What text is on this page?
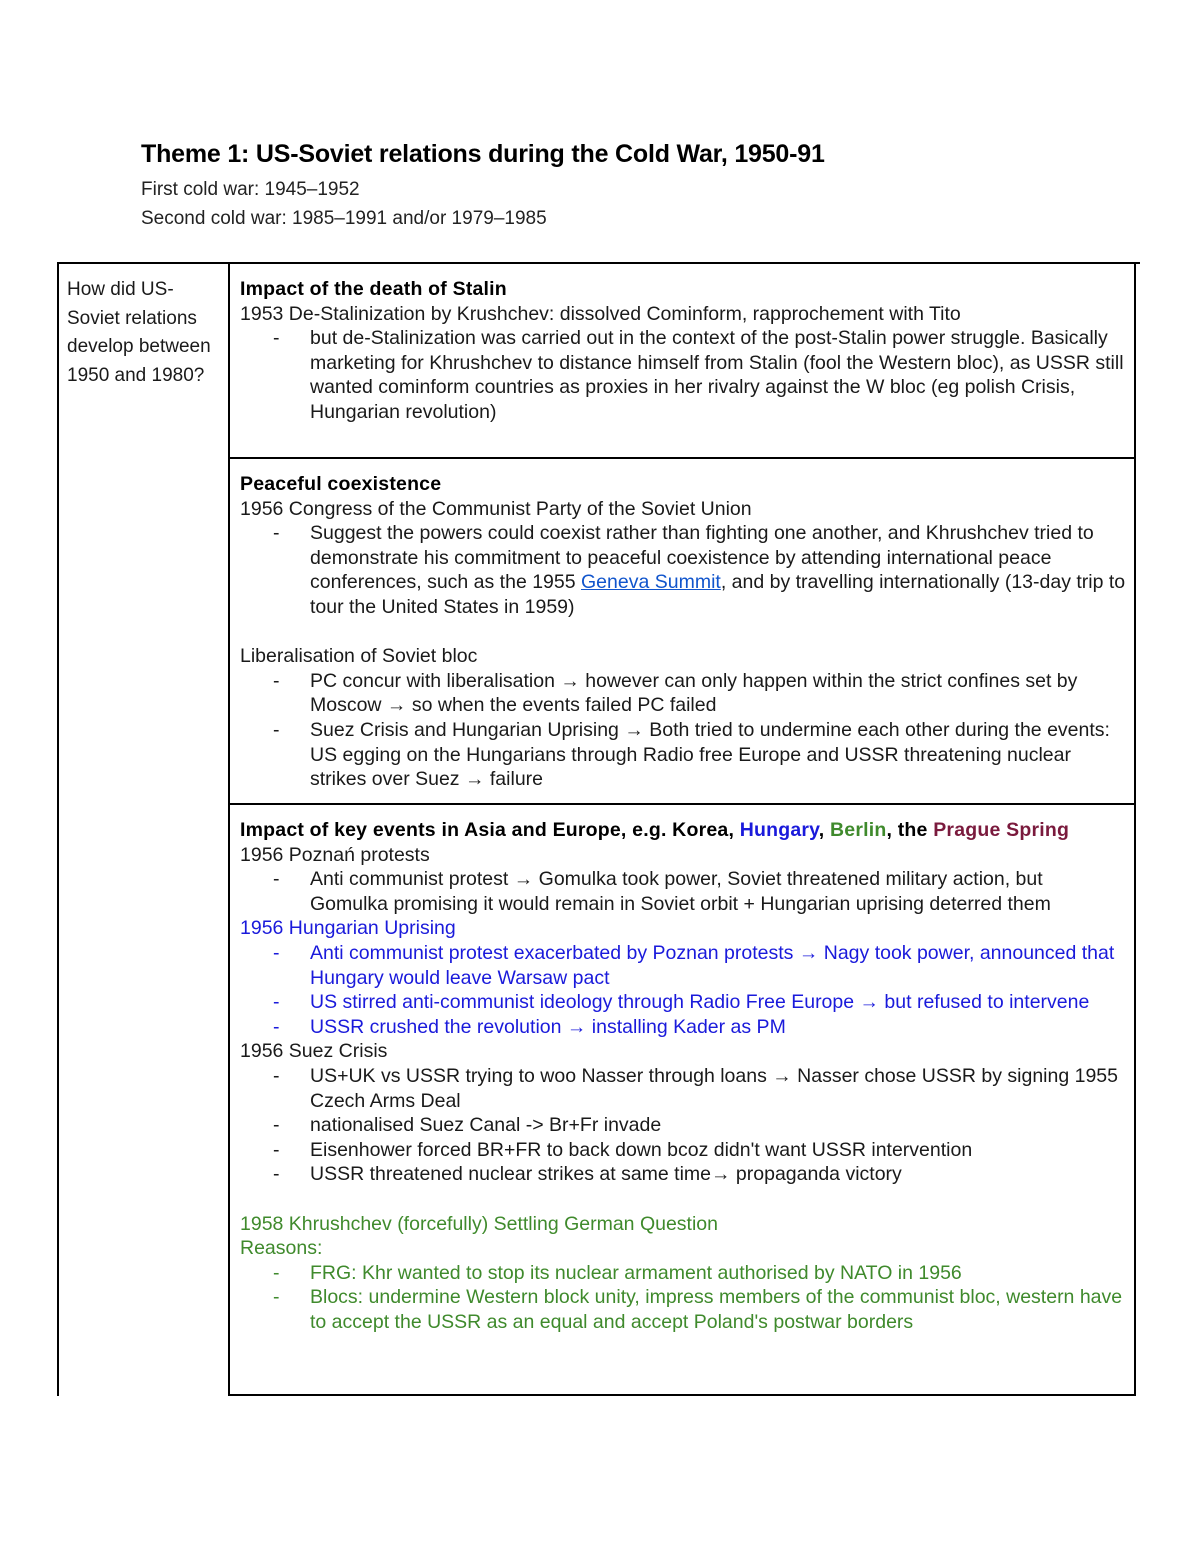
Theme 1: US-Soviet relations during the Cold War, 1950-91

First cold war: 1945–1952

Second cold war: 1985–1991 and/or 1979–1985

How did US-Soviet relations develop between 1950 and 1980?
Impact of the death of Stalin

1953 De-Stalinization by Krushchev: dissolved Cominform, rapprochement with Tito

- but de-Stalinization was carried out in the context of the post-Stalin power struggle. Basically marketing for Khrushchev to distance himself from Stalin (fool the Western bloc), as USSR still wanted cominform countries as proxies in her rivalry against the W bloc (eg polish Crisis, Hungarian revolution)
Peaceful coexistence

1956 Congress of the Communist Party of the Soviet Union

- Suggest the powers could coexist rather than fighting one another, and Khrushchev tried to demonstrate his commitment to peaceful coexistence by attending international peace conferences, such as the 1955 Geneva Summit, and by travelling internationally (13-day trip to tour the United States in 1959)

Liberalisation of Soviet bloc

- PC concur with liberalisation → however can only happen within the strict confines set by Moscow → so when the events failed PC failed
- Suez Crisis and Hungarian Uprising → Both tried to undermine each other during the events: US egging on the Hungarians through Radio free Europe and USSR threatening nuclear strikes over Suez → failure
Impact of key events in Asia and Europe, e.g. Korea, Hungary, Berlin, the Prague Spring

1956 Poznań protests

- Anti communist protest → Gomulka took power, Soviet threatened military action, but Gomulka promising it would remain in Soviet orbit + Hungarian uprising deterred them

1956 Hungarian Uprising

- Anti communist protest exacerbated by Poznan protests → Nagy took power, announced that Hungary would leave Warsaw pact
- US stirred anti-communist ideology through Radio Free Europe → but refused to intervene
- USSR crushed the revolution → installing Kader as PM

1956 Suez Crisis

- US+UK vs USSR trying to woo Nasser through loans → Nasser chose USSR by signing 1955 Czech Arms Deal
- nationalised Suez Canal -> Br+Fr invade
- Eisenhower forced BR+FR to back down bcoz didn't want USSR intervention
- USSR threatened nuclear strikes at same time→ propaganda victory

1958 Khrushchev (forcefully) Settling German Question

Reasons:

- FRG: Khr wanted to stop its nuclear armament authorised by NATO in 1956
- Blocs: undermine Western block unity, impress members of the communist bloc, western have to accept the USSR as an equal and accept Poland's postwar borders
